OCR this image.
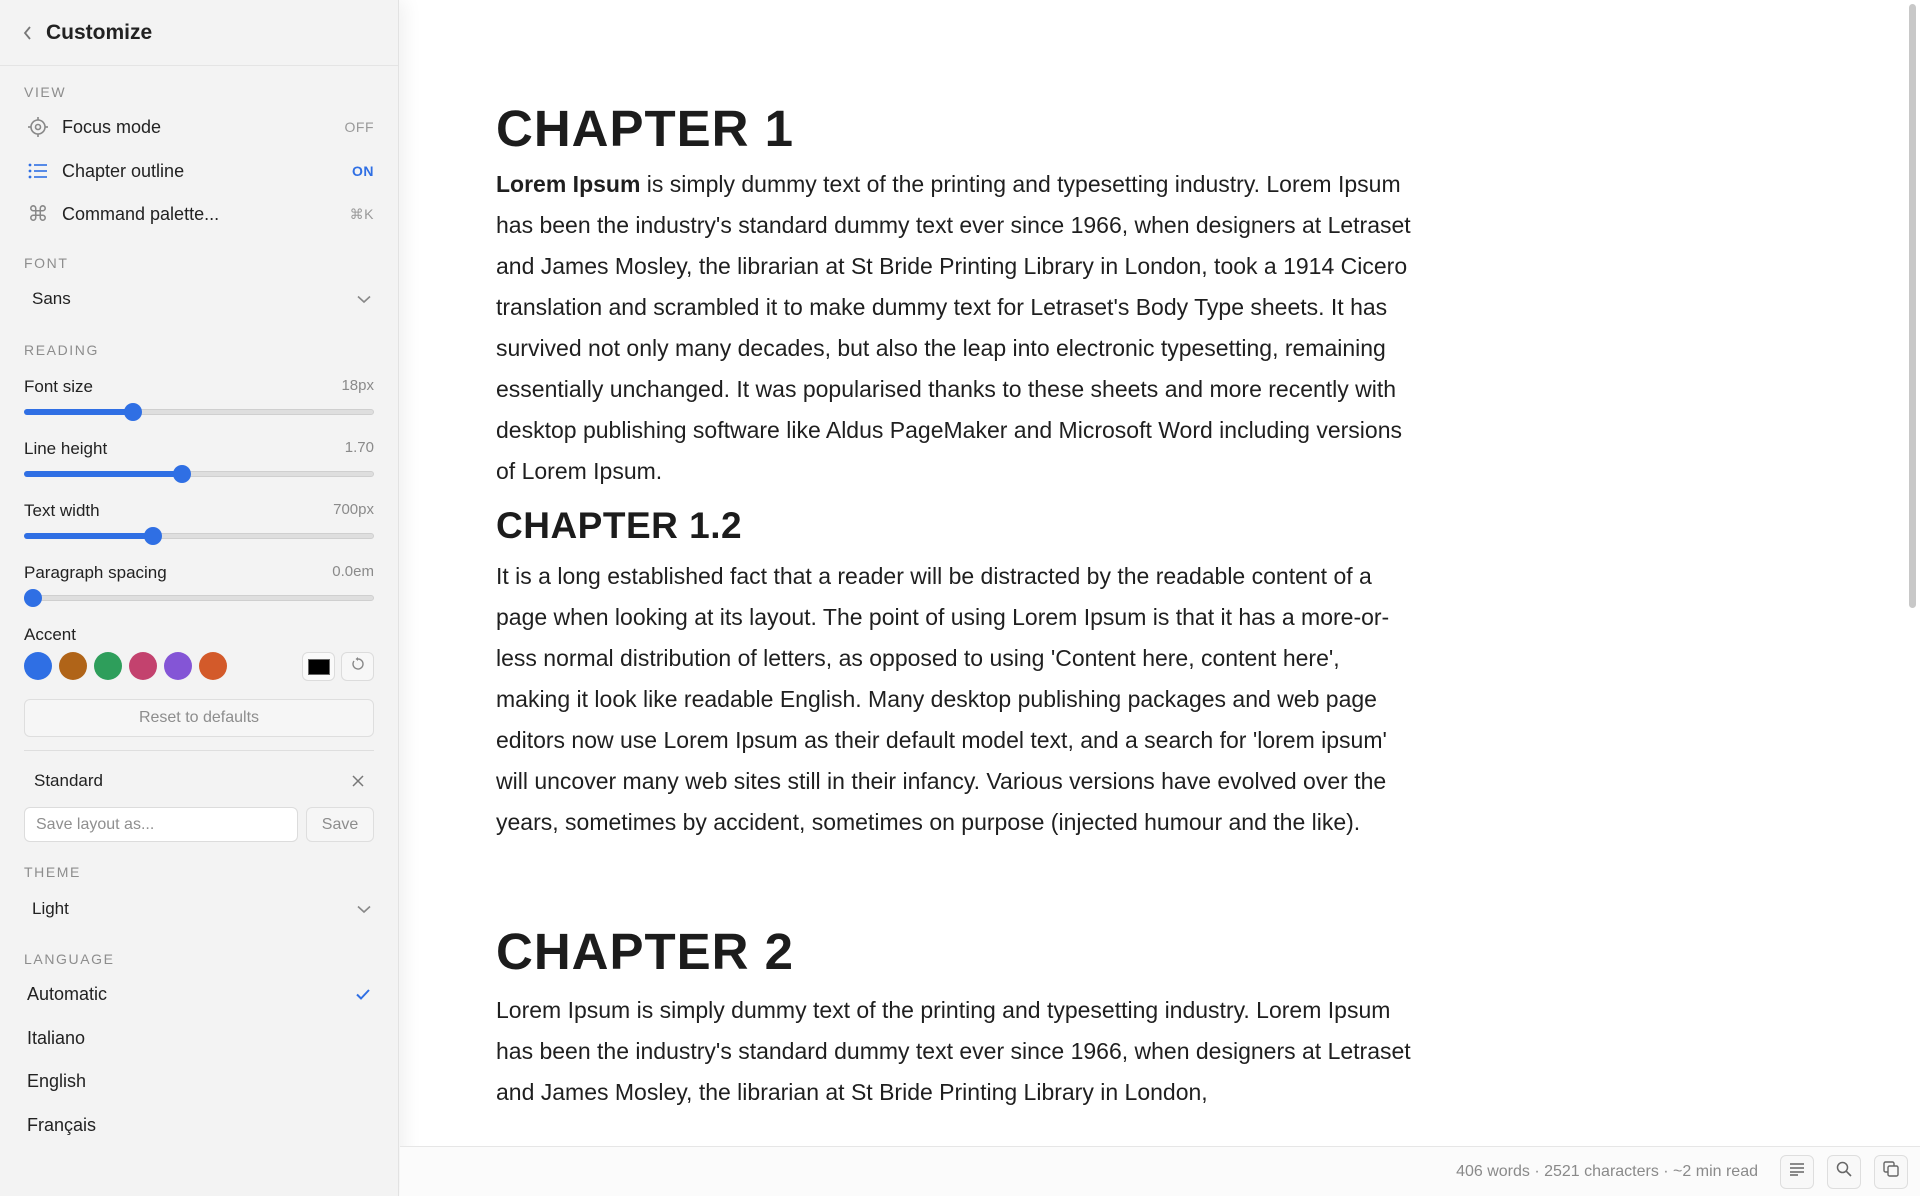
Customize
VIEW
Focus mode	OFF
Chapter outline	ON
⌘ Command palette...	⌘K
FONT
Sans
READING
Font size	18px
Line height	1.70
Text width	700px
Paragraph spacing	0.0em
Accent
Reset to defaults
Standard
Save layout as...
Save
THEME
Light
LANGUAGE
Automatic
Italiano
English
Français
CHAPTER 1

Lorem Ipsum is simply dummy text of the printing and typesetting industry. Lorem Ipsum has been the industry's standard dummy text ever since 1966, when designers at Letraset and James Mosley, the librarian at St Bride Printing Library in London, took a 1914 Cicero translation and scrambled it to make dummy text for Letraset's Body Type sheets. It has survived not only many decades, but also the leap into electronic typesetting, remaining essentially unchanged. It was popularised thanks to these sheets and more recently with desktop publishing software like Aldus PageMaker and Microsoft Word including versions of Lorem Ipsum.

CHAPTER 1.2

It is a long established fact that a reader will be distracted by the readable content of a page when looking at its layout. The point of using Lorem Ipsum is that it has a more-or-less normal distribution of letters, as opposed to using 'Content here, content here', making it look like readable English. Many desktop publishing packages and web page editors now use Lorem Ipsum as their default model text, and a search for 'lorem ipsum' will uncover many web sites still in their infancy. Various versions have evolved over the years, sometimes by accident, sometimes on purpose (injected humour and the like).

CHAPTER 2

Lorem Ipsum is simply dummy text of the printing and typesetting industry. Lorem Ipsum has been the industry's standard dummy text ever since 1966, when designers at Letraset and James Mosley, the librarian at St Bride Printing Library in London,

406 words · 2521 characters · ~2 min read
